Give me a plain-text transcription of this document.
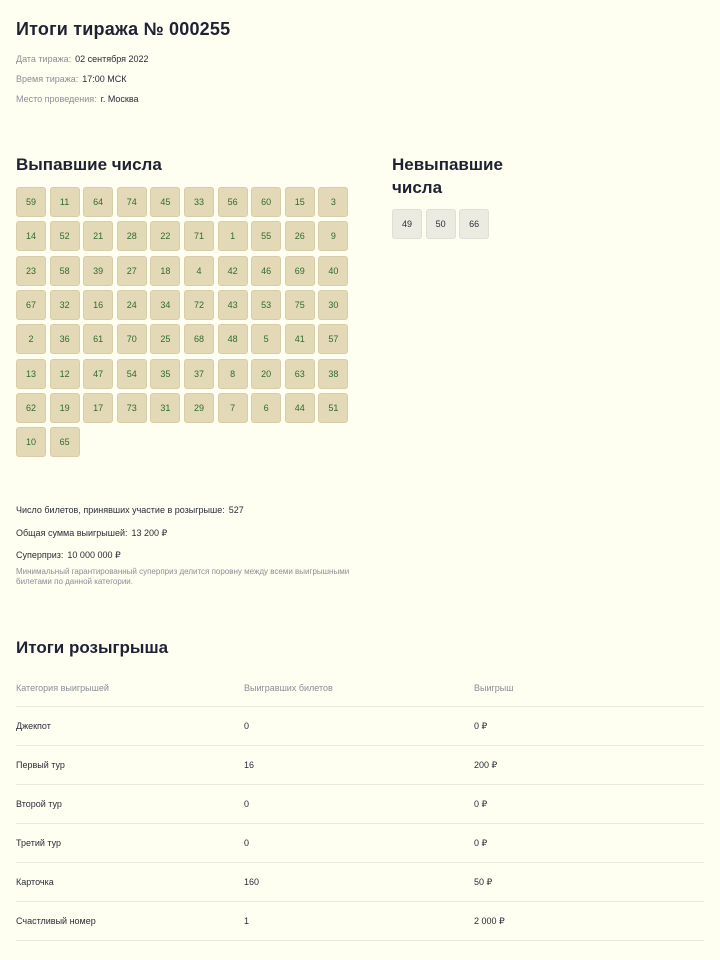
Итоги тиража № 000255
Дата тиража: 02 сентября 2022
Время тиража: 17:00 МСК
Место проведения: г. Москва
Выпавшие числа	Невыпавшие числа
59	11	64	74	45	33	56	60	15	3
14	52	21	28	22	71	1	55	26	9
23	58	39	27	18	4	42	46	69	40
67	32	16	24	34	72	43	53	75	30
2	36	61	70	25	68	48	5	41	57
13	12	47	54	35	37	8	20	63	38
62	19	17	73	31	29	7	6	44	51
10	65
49	50	66
Число билетов, принявших участие в розыгрыше: 527
Общая сумма выигрышей: 13 200 ₽
Суперприз: 10 000 000 ₽
Минимальный гарантированный суперприз делится поровну между всеми выигрышными билетами по данной категории.
Итоги розыгрыша
Категория выигрышей	Выигравших билетов	Выигрыш
Джекпот	0	0 ₽
Первый тур	16	200 ₽
Второй тур	0	0 ₽
Третий тур	0	0 ₽
Карточка	160	50 ₽
Счастливый номер	1	2 000 ₽
